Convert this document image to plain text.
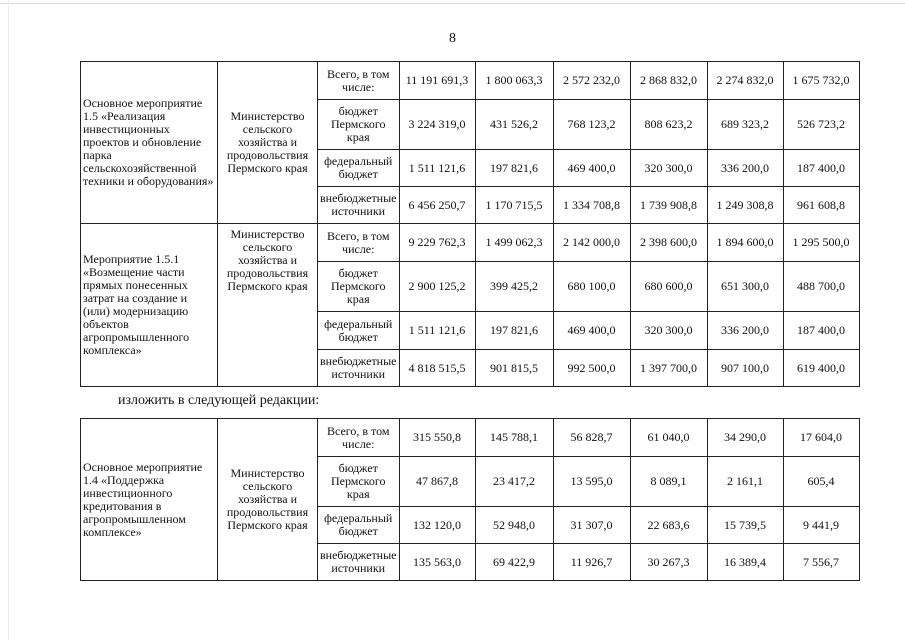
8
Основное мероприятие 1.5 «Реализация инвестиционных проектов и обновление парка сельскохозяйственной техники и оборудования»	Министерство сельского хозяйства и продовольствия Пермского края	Всего, в том числе:	11 191 691,3	1 800 063,3	2 572 232,0	2 868 832,0	2 274 832,0	1 675 732,0
		бюджет Пермского края	3 224 319,0	431 526,2	768 123,2	808 623,2	689 323,2	526 723,2
		федеральный бюджет	1 511 121,6	197 821,6	469 400,0	320 300,0	336 200,0	187 400,0
		внебюджетные источники	6 456 250,7	1 170 715,5	1 334 708,8	1 739 908,8	1 249 308,8	961 608,8
Мероприятие 1.5.1 «Возмещение части прямых понесенных затрат на создание и (или) модернизацию объектов агропромышленного комплекса»	Министерство сельского хозяйства и продовольствия Пермского края	Всего, в том числе:	9 229 762,3	1 499 062,3	2 142 000,0	2 398 600,0	1 894 600,0	1 295 500,0
		бюджет Пермского края	2 900 125,2	399 425,2	680 100,0	680 600,0	651 300,0	488 700,0
		федеральный бюджет	1 511 121,6	197 821,6	469 400,0	320 300,0	336 200,0	187 400,0
		внебюджетные источники	4 818 515,5	901 815,5	992 500,0	1 397 700,0	907 100,0	619 400,0
изложить в следующей редакции:
Основное мероприятие 1.4 «Поддержка инвестиционного кредитования в агропромышленном комплексе»	Министерство сельского хозяйства и продовольствия Пермского края	Всего, в том числе:	315 550,8	145 788,1	56 828,7	61 040,0	34 290,0	17 604,0
		бюджет Пермского края	47 867,8	23 417,2	13 595,0	8 089,1	2 161,1	605,4
		федеральный бюджет	132 120,0	52 948,0	31 307,0	22 683,6	15 739,5	9 441,9
		внебюджетные источники	135 563,0	69 422,9	11 926,7	30 267,3	16 389,4	7 556,7
